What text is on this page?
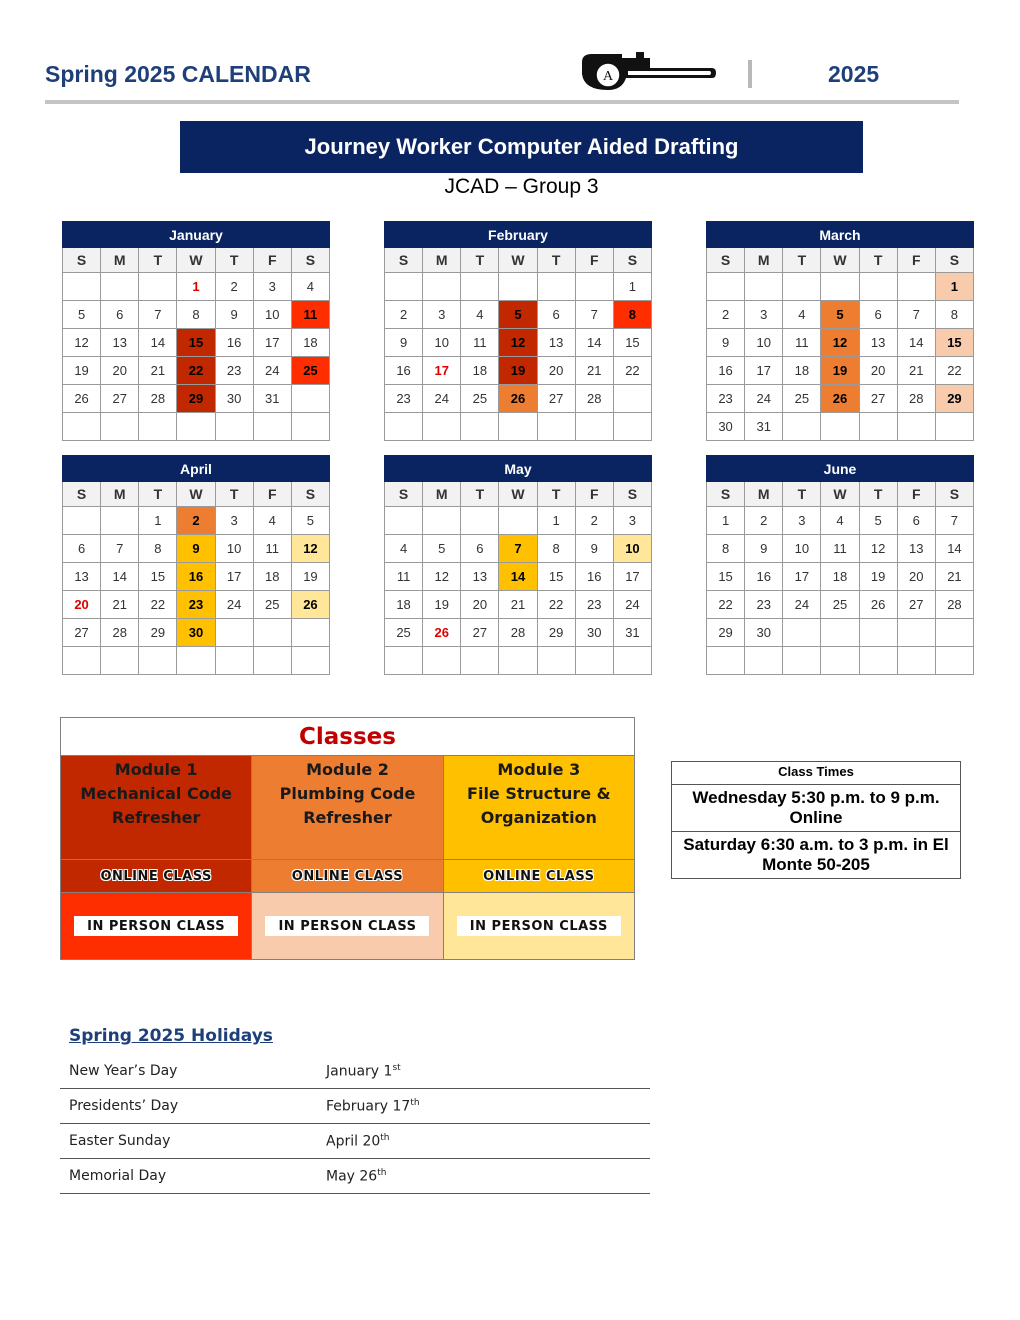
Spring 2025 CALENDAR	A	2025
Journey Worker Computer Aided Drafting
JCAD – Group 3
January						
S	M	T	W	T	F	S
			1	2	3	4
5	6	7	8	9	10	11
12	13	14	15	16	17	18
19	20	21	22	23	24	25
26	27	28	29	30	31	

February						
S	M	T	W	T	F	S
						1
2	3	4	5	6	7	8
9	10	11	12	13	14	15
16	17	18	19	20	21	22
23	24	25	26	27	28	

March						
S	M	T	W	T	F	S
						1
2	3	4	5	6	7	8
9	10	11	12	13	14	15
16	17	18	19	20	21	22
23	24	25	26	27	28	29
30	31					
April						
S	M	T	W	T	F	S
		1	2	3	4	5
6	7	8	9	10	11	12
13	14	15	16	17	18	19
20	21	22	23	24	25	26
27	28	29	30			

May						
S	M	T	W	T	F	S
				1	2	3
4	5	6	7	8	9	10
11	12	13	14	15	16	17
18	19	20	21	22	23	24
25	26	27	28	29	30	31

June						
S	M	T	W	T	F	S
1	2	3	4	5	6	7
8	9	10	11	12	13	14
15	16	17	18	19	20	21
22	23	24	25	26	27	28
29	30					

Classes
Module 1
Mechanical Code
Refresher
Module 2
Plumbing Code
Refresher
Module 3
File Structure &
Organization
ONLINE CLASS	ONLINE CLASS	ONLINE CLASS
IN PERSON CLASS	IN PERSON CLASS	IN PERSON CLASS
Class Times
Wednesday 5:30 p.m. to 9 p.m. Online
Saturday 6:30 a.m. to 3 p.m. in El Monte 50-205
Spring 2025 Holidays
New Year’s Day	January 1st
Presidents’ Day	February 17th
Easter Sunday	April 20th
Memorial Day	May 26th
